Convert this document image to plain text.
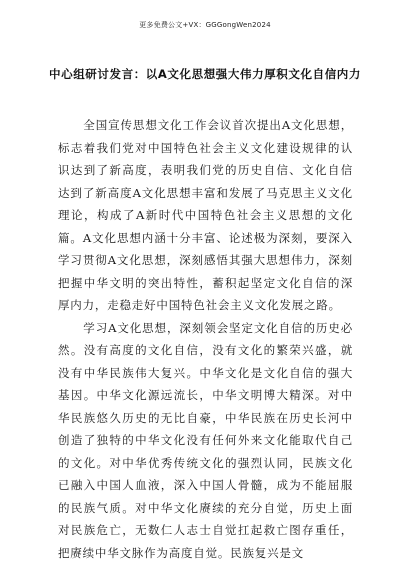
更多免费公文+VX：GGGongWen2024
中心组研讨发言：以A文化思想强大伟力厚积文化自信内力

全国宣传思想文化工作会议首次提出A文化思想，标志着我们党对中国特色社会主义文化建设规律的认识达到了新高度，表明我们党的历史自信、文化自信达到了新高度A文化思想丰富和发展了马克思主义文化理论，构成了A新时代中国特色社会主义思想的文化篇。A文化思想内涵十分丰富、论述极为深刻，要深入学习贯彻A文化思想，深刻感悟其强大思想伟力，深刻把握中华文明的突出特性，蓄积起坚定文化自信的深厚内力，走稳走好中国特色社会主义文化发展之路。

学习A文化思想，深刻领会坚定文化自信的历史必然。没有高度的文化自信，没有文化的繁荣兴盛，就没有中华民族伟大复兴。中华文化是文化自信的强大基因。中华文化源远流长，中华文明博大精深。对中华民族悠久历史的无比自豪，中华民族在历史长河中创造了独特的中华文化没有任何外来文化能取代自己的文化。对中华优秀传统文化的强烈认同，民族文化已融入中国人血液，深入中国人骨髓，成为不能屈服的民族气质。对中华文化赓续的充分自觉，历史上面对民族危亡，无数仁人志士自觉扛起救亡图存重任，把赓续中华文脉作为高度自觉。民族复兴是文
